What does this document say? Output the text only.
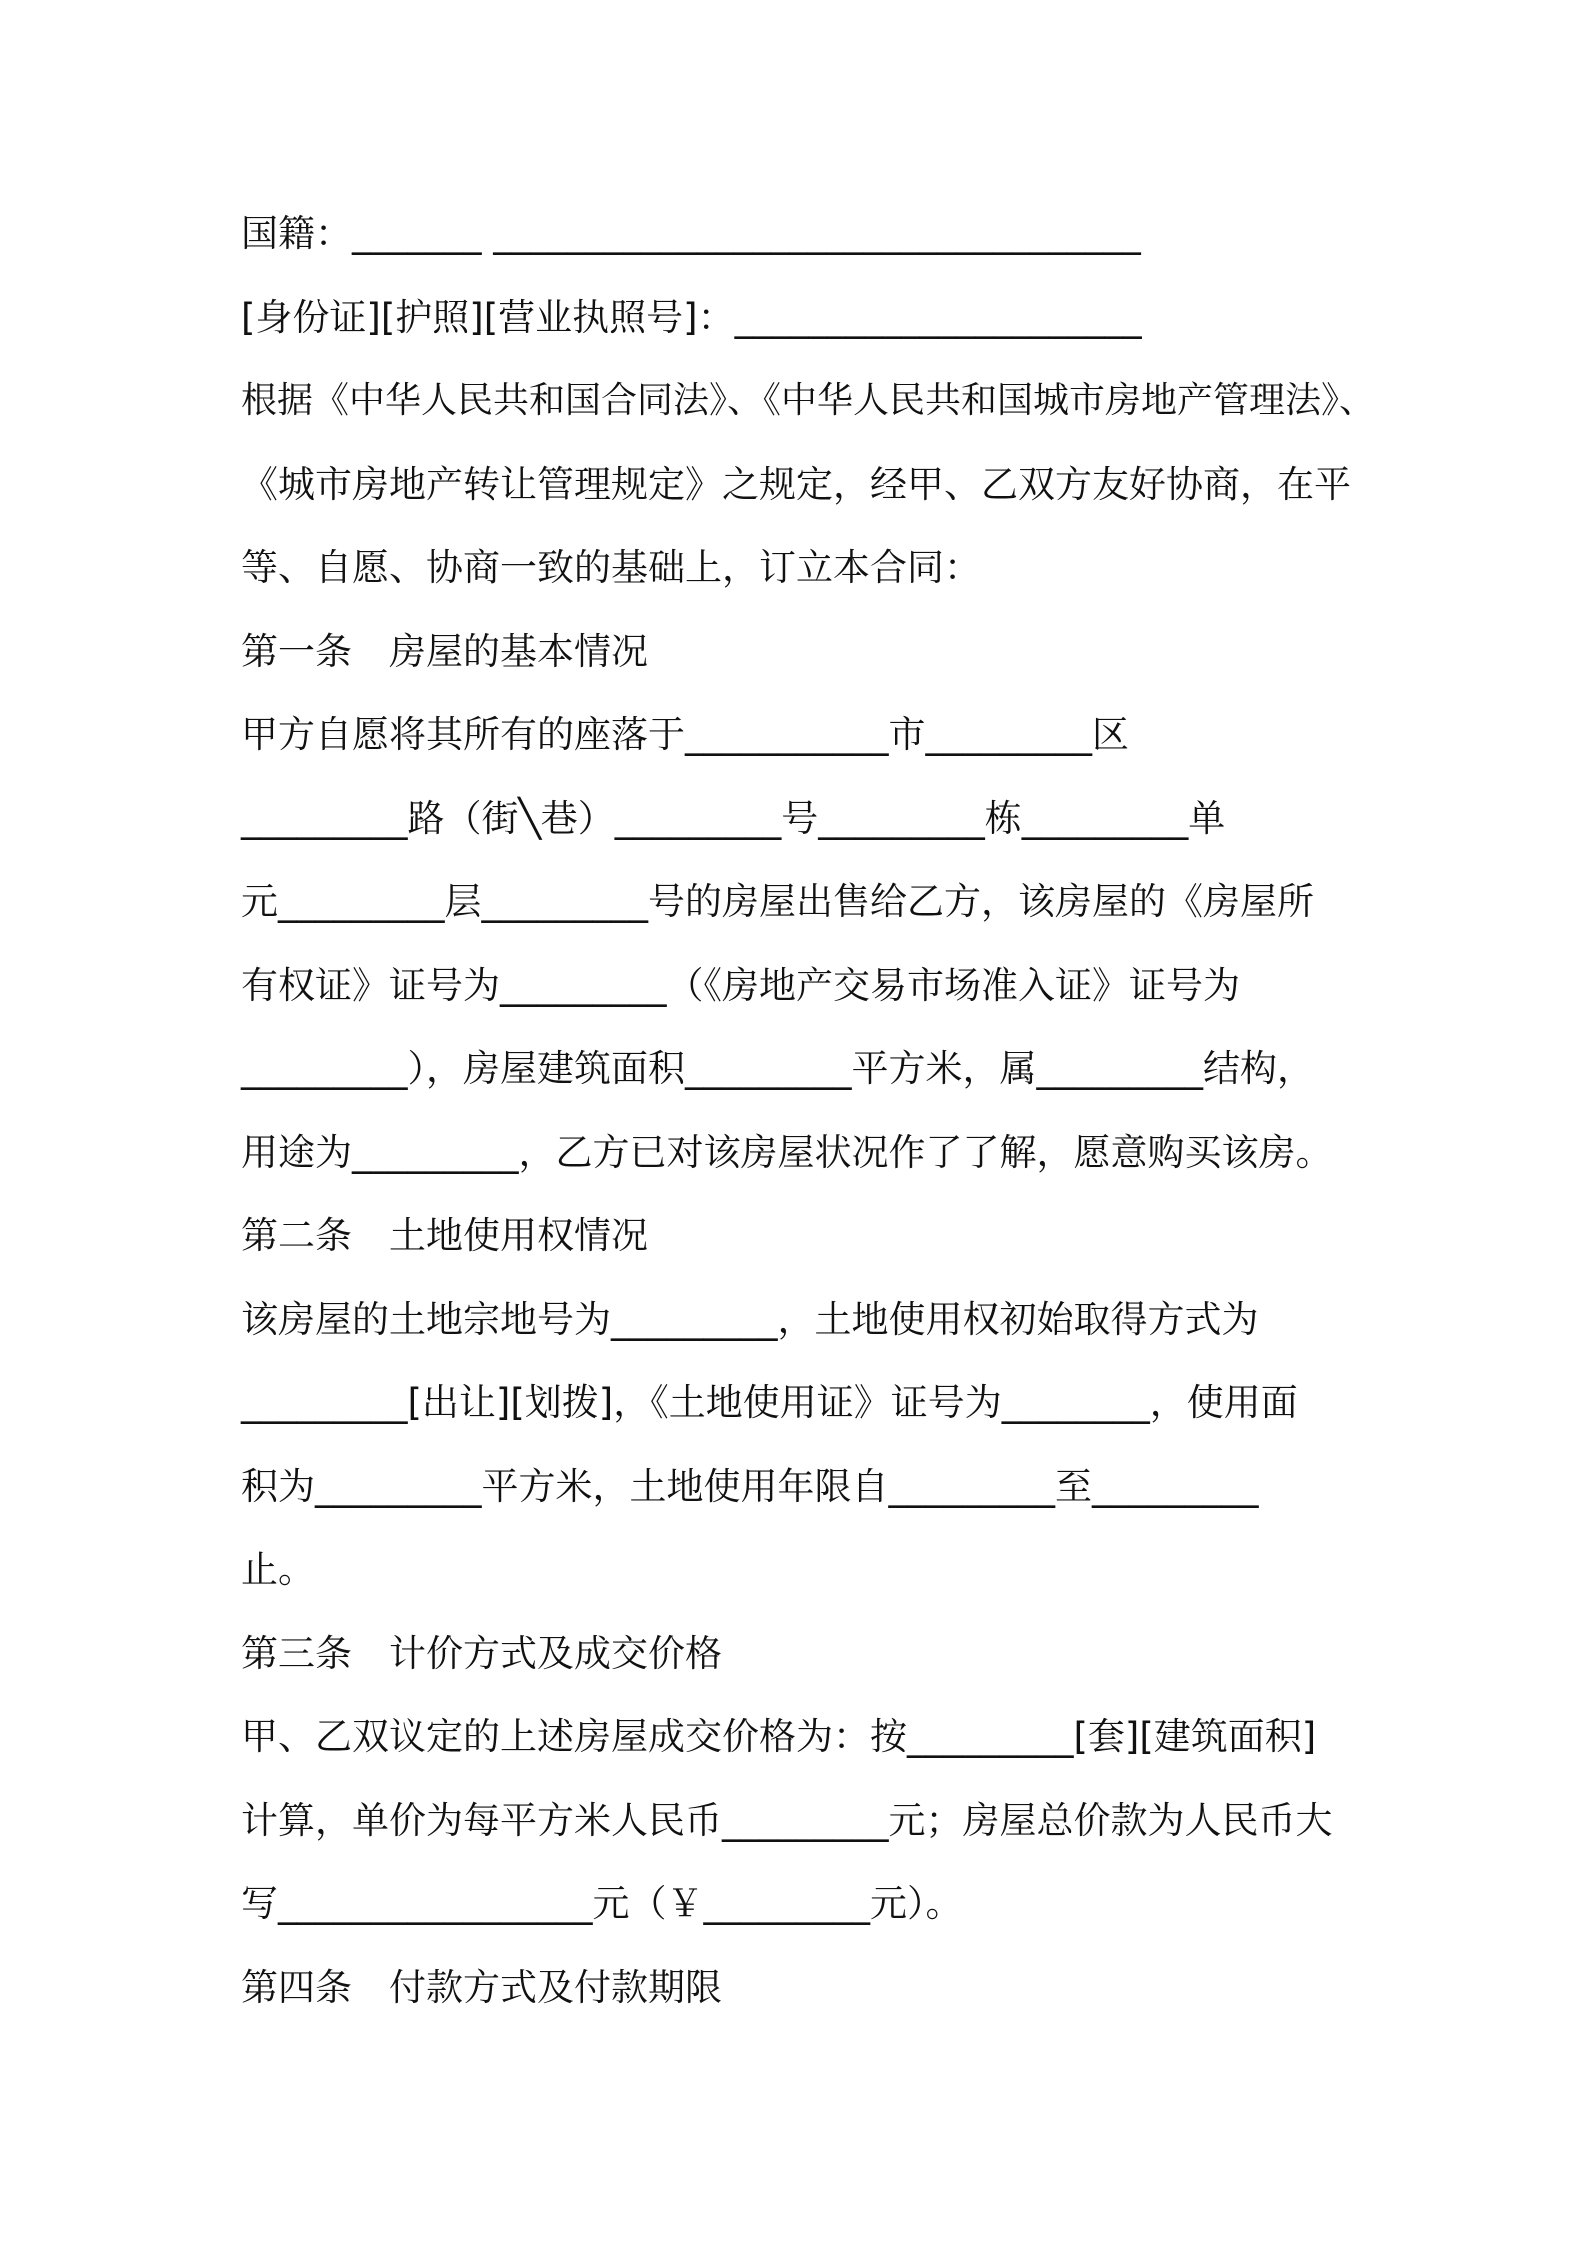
国籍：_______ ___________________________________
[身份证][护照][营业执照号]：______________________
根据《中华人民共和国合同法》、《中华人民共和国城市房地产管理法》、
《城市房地产转让管理规定》之规定，经甲、乙双方友好协商，在平
等、自愿、协商一致的基础上，订立本合同：
第一条　房屋的基本情况
甲方自愿将其所有的座落于___________市_________区
_________路（街╲巷）_________号_________栋_________单
元_________层_________号的房屋出售给乙方，该房屋的《房屋所
有权证》证号为_________（《房地产交易市场准入证》证号为
_________），房屋建筑面积_________平方米，属_________结构，
用途为_________，乙方已对该房屋状况作了了解，愿意购买该房。
第二条　土地使用权情况
该房屋的土地宗地号为_________，土地使用权初始取得方式为
_________[出让][划拨]，《土地使用证》证号为________，使用面
积为_________平方米，土地使用年限自_________至_________
止。
第三条　计价方式及成交价格
甲、乙双议定的上述房屋成交价格为：按_________[套][建筑面积]
计算，单价为每平方米人民币_________元；房屋总价款为人民币大
写_________________元（￥_________元）。
第四条　付款方式及付款期限
